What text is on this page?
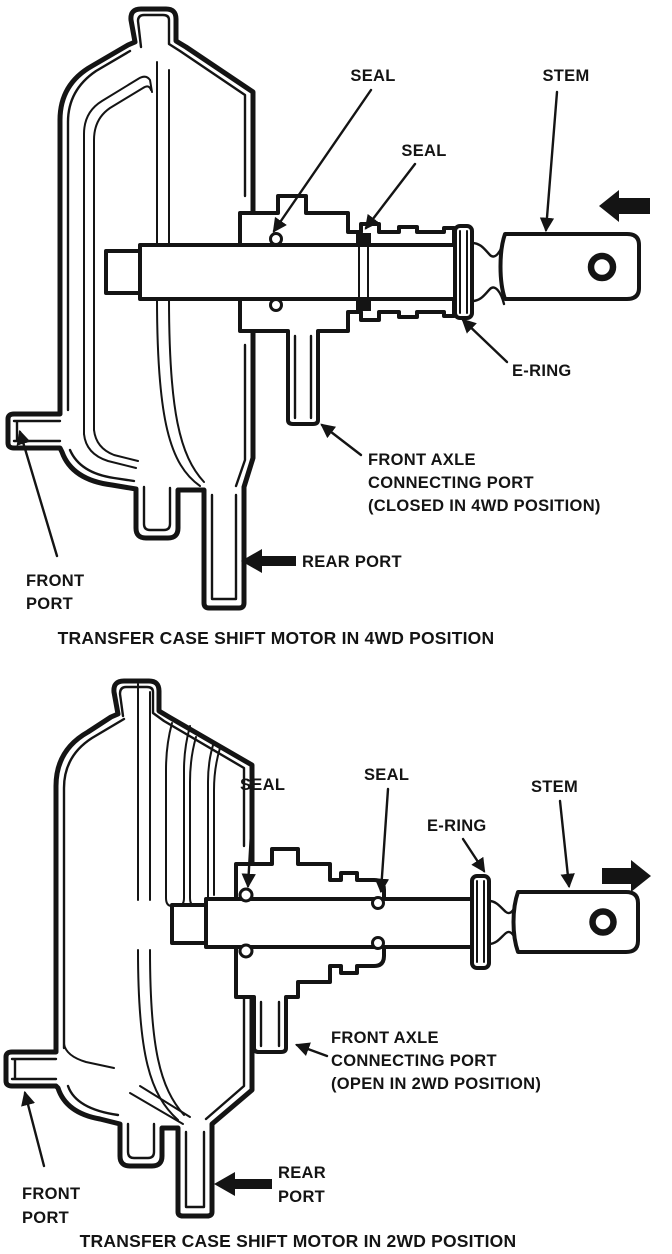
SEAL
SEAL
STEM
E-RING
FRONT AXLE
CONNECTING PORT
(CLOSED IN 4WD POSITION)
REAR PORT
FRONT
PORT
TRANSFER CASE SHIFT MOTOR IN 4WD POSITION
SEAL
SEAL
E-RING
STEM
FRONT AXLE
CONNECTING PORT
(OPEN IN 2WD POSITION)
REAR
PORT
FRONT
PORT
TRANSFER CASE SHIFT MOTOR IN 2WD POSITION
